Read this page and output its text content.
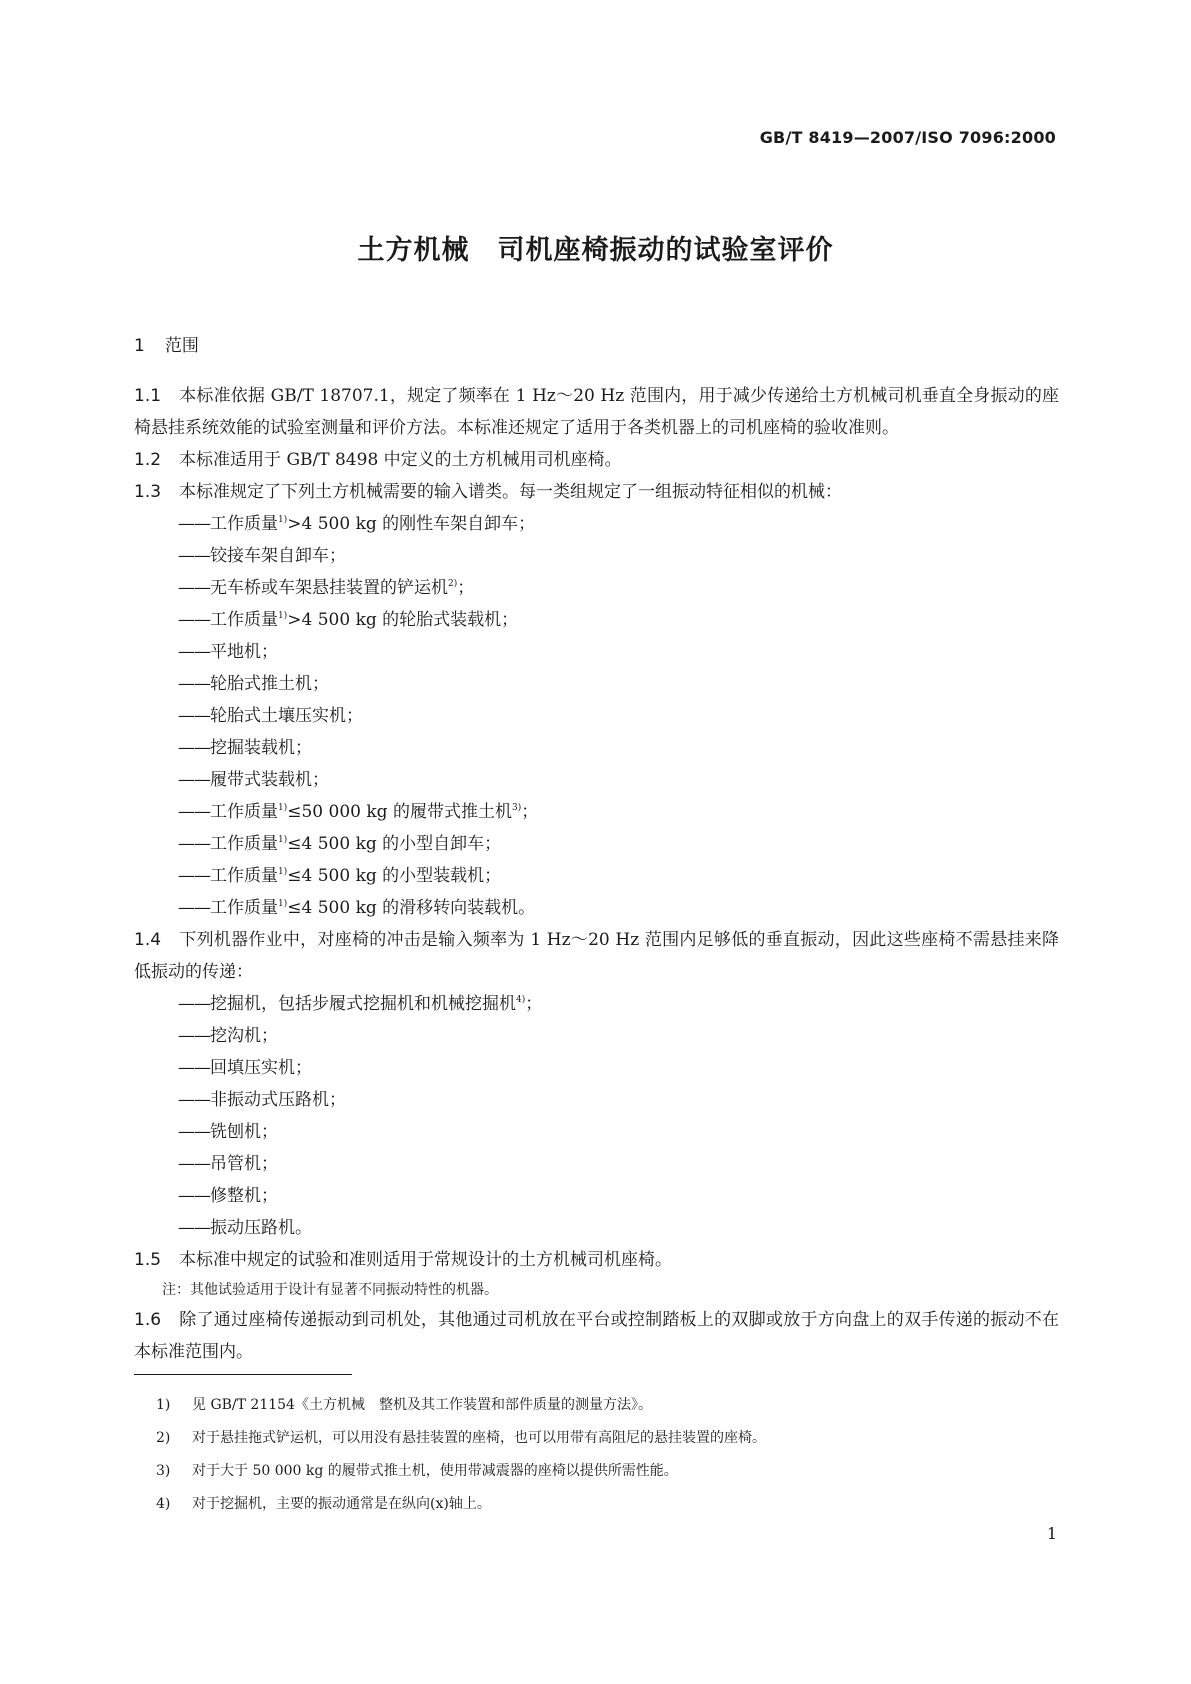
GB/T 8419—2007/ISO 7096:2000
土方机械　司机座椅振动的试验室评价
1 范围

1.1 本标准依据 GB/T 18707.1，规定了频率在 1 Hz～20 Hz 范围内，用于减少传递给土方机械司机垂直全身振动的座椅悬挂系统效能的试验室测量和评价方法。本标准还规定了适用于各类机器上的司机座椅的验收准则。

1.2 本标准适用于 GB/T 8498 中定义的土方机械用司机座椅。

1.3 本标准规定了下列土方机械需要的输入谱类。每一类组规定了一组振动特征相似的机械：

——工作质量$^{1)}$>4 500 kg 的刚性车架自卸车；
——铰接车架自卸车；
——无车桥或车架悬挂装置的铲运机$^{2)}$；
——工作质量$^{1)}$>4 500 kg 的轮胎式装载机；
——平地机；
——轮胎式推土机；
——轮胎式土壤压实机；
——挖掘装载机；
——履带式装载机；
——工作质量$^{1)}$≤50 000 kg 的履带式推土机$^{3)}$；
——工作质量$^{1)}$≤4 500 kg 的小型自卸车；
——工作质量$^{1)}$≤4 500 kg 的小型装载机；
——工作质量$^{1)}$≤4 500 kg 的滑移转向装载机。

1.4 下列机器作业中，对座椅的冲击是输入频率为 1 Hz～20 Hz 范围内足够低的垂直振动，因此这些座椅不需悬挂来降低振动的传递：

——挖掘机，包括步履式挖掘机和机械挖掘机$^{4)}$；
——挖沟机；
——回填压实机；
——非振动式压路机；
——铣刨机；
——吊管机；
——修整机；
——振动压路机。

1.5 本标准中规定的试验和准则适用于常规设计的土方机械司机座椅。

注：其他试验适用于设计有显著不同振动特性的机器。

1.6 除了通过座椅传递振动到司机处，其他通过司机放在平台或控制踏板上的双脚或放于方向盘上的双手传递的振动不在本标准范围内。

1) 见 GB/T 21154《土方机械　整机及其工作装置和部件质量的测量方法》。
2) 对于悬挂拖式铲运机，可以用没有悬挂装置的座椅，也可以用带有高阻尼的悬挂装置的座椅。
3) 对于大于 50 000 kg 的履带式推土机，使用带减震器的座椅以提供所需性能。
4) 对于挖掘机，主要的振动通常是在纵向(x)轴上。
1
